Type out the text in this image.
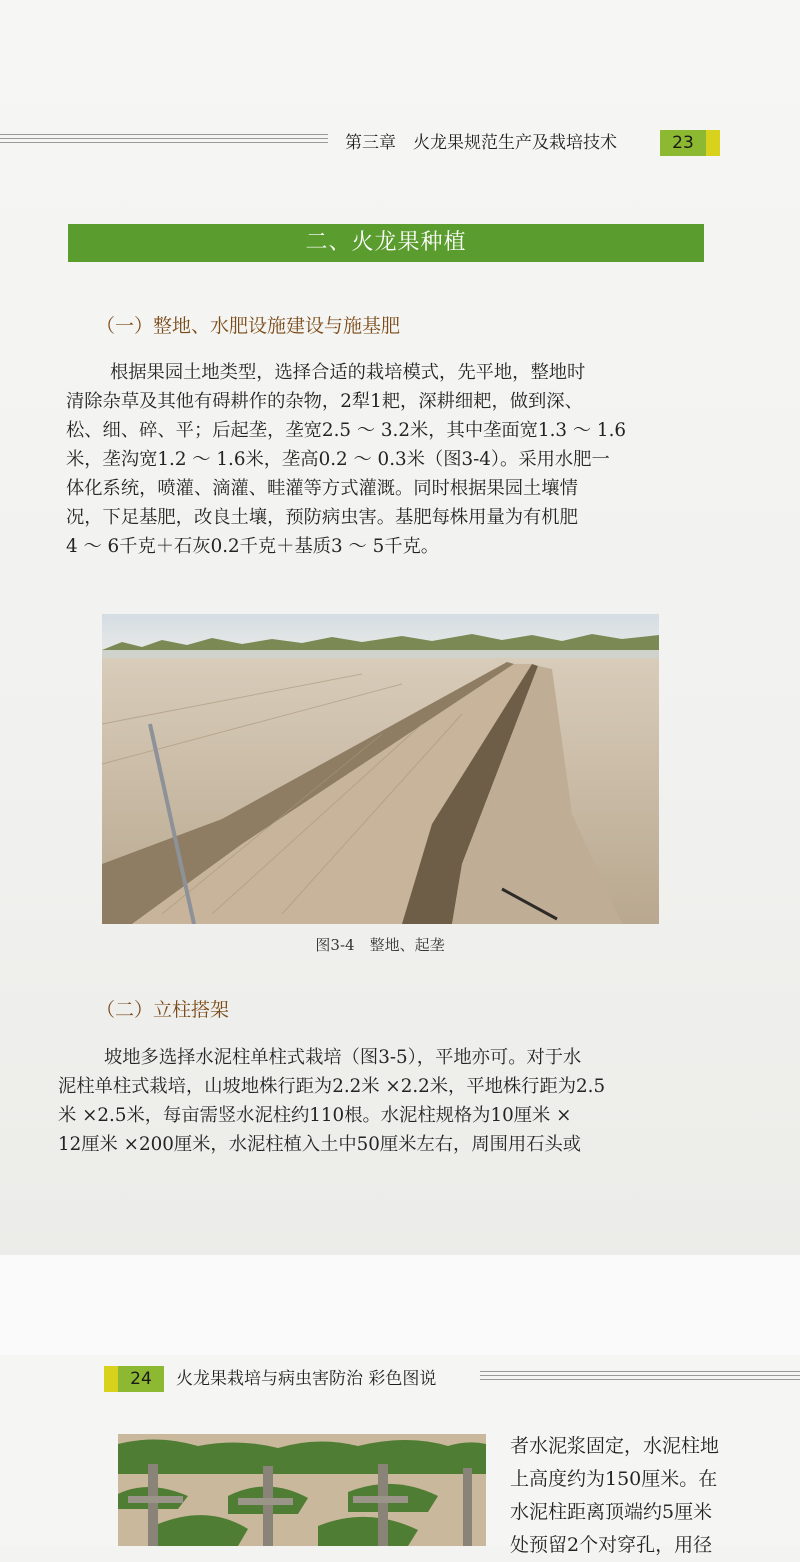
第三章　火龙果规范生产及栽培技术	23
二、火龙果种植
（一）整地、水肥设施建设与施基肥
根据果园土地类型，选择合适的栽培模式，先平地，整地时
清除杂草及其他有碍耕作的杂物，2犁1耙，深耕细耙，做到深、
松、细、碎、平；后起垄，垄宽2.5 ～ 3.2米，其中垄面宽1.3 ～ 1.6
米，垄沟宽1.2 ～ 1.6米，垄高0.2 ～ 0.3米（图3-4）。采用水肥一
体化系统，喷灌、滴灌、畦灌等方式灌溉。同时根据果园土壤情
况，下足基肥，改良土壤，预防病虫害。基肥每株用量为有机肥
4 ～ 6千克＋石灰0.2千克＋基质3 ～ 5千克。
图3-4　整地、起垄
（二）立柱搭架
坡地多选择水泥柱单柱式栽培（图3-5），平地亦可。对于水
泥柱单柱式栽培，山坡地株行距为2.2米 ×2.2米，平地株行距为2.5
米 ×2.5米，每亩需竖水泥柱约110根。水泥柱规格为10厘米 ×
12厘米 ×200厘米，水泥柱植入土中50厘米左右，周围用石头或
24	火龙果栽培与病虫害防治 彩色图说
者水泥浆固定，水泥柱地
上高度约为150厘米。在
水泥柱距离顶端约5厘米
处预留2个对穿孔，用径
